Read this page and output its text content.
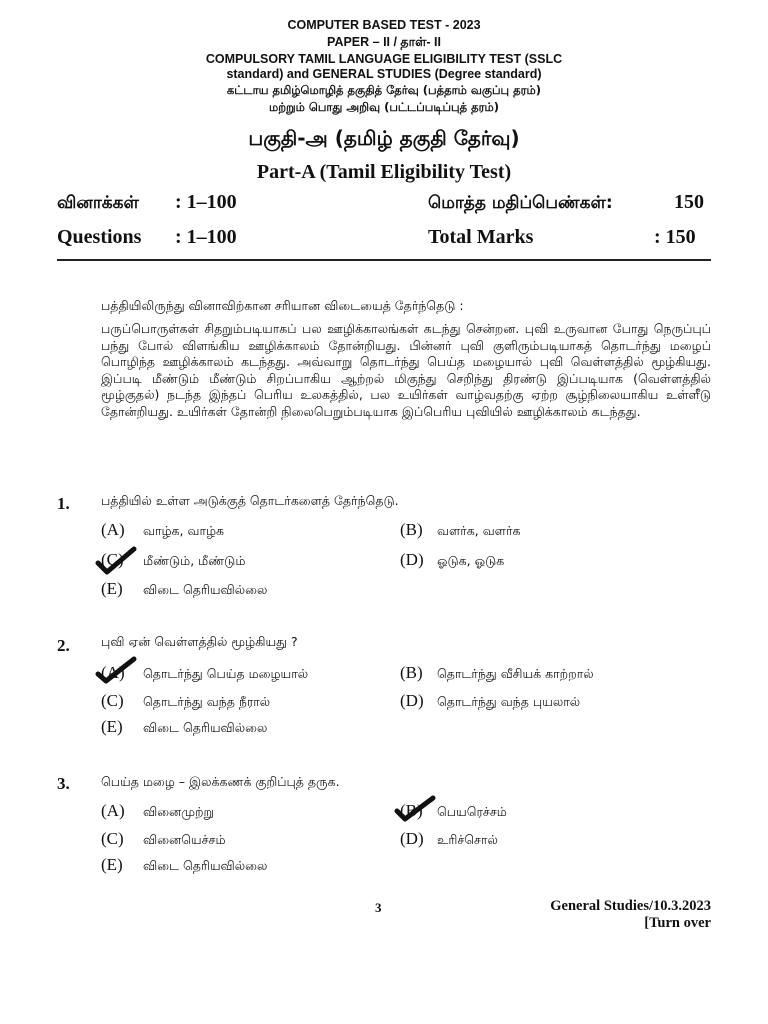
COMPUTER BASED TEST - 2023
PAPER – II / தாள்- II
COMPULSORY TAMIL LANGUAGE ELIGIBILITY TEST (SSLC
standard) and GENERAL STUDIES (Degree standard)
கட்டாய தமிழ்மொழித் தகுதித் தேர்வு (பத்தாம் வகுப்பு தரம்)
மற்றும் பொது அறிவு (பட்டப்படிப்புத் தரம்)
பகுதி-அ (தமிழ் தகுதி தேர்வு)
Part-A (Tamil Eligibility Test)
வினாக்கள் : 1–100	மொத்த மதிப்பெண்கள்:	150
Questions : 1–100	Total Marks	: 150
பத்தியிலிருந்து வினாவிற்கான சரியான விடையைத் தேர்ந்தெடு :
பருப்பொருள்கள் சிதறும்படியாகப் பல ஊழிக்காலங்கள் கடந்து சென்றன. புவி உருவான போது நெருப்புப் பந்து போல் விளங்கிய ஊழிக்காலம் தோன்றியது. பின்னர் புவி குளிரும்படியாகத் தொடர்ந்து மழைப் பொழிந்த ஊழிக்காலம் கடந்தது. அவ்வாறு தொடர்ந்து பெய்த மழையால் புவி வெள்ளத்தில் மூழ்கியது. இப்படி மீண்டும் மீண்டும் சிறப்பாகிய ஆற்றல் மிகுந்து செறிந்து திரண்டு இப்படியாக (வெள்ளத்தில் மூழ்குதல்) நடந்த இந்தப் பெரிய உலகத்தில், பல உயிர்கள் வாழ்வதற்கு ஏற்ற சூழ்நிலையாகிய உள்ளீடு தோன்றியது. உயிர்கள் தோன்றி நிலைபெறும்படியாக இப்பெரிய புவியில் ஊழிக்காலம் கடந்தது.
1.	பத்தியில் உள்ள அடுக்குத் தொடர்களைத் தேர்ந்தெடு.
(A) வாழ்க, வாழ்க	(B) வளர்க, வளர்க
(C) மீண்டும், மீண்டும்	(D) ஓடுக, ஓடுக
(E) விடை தெரியவில்லை
2.	புவி ஏன் வெள்ளத்தில் மூழ்கியது ?
(A) தொடர்ந்து பெய்த மழையால்	(B) தொடர்ந்து வீசியக் காற்றால்
(C) தொடர்ந்து வந்த நீரால்	(D) தொடர்ந்து வந்த புயலால்
(E) விடை தெரியவில்லை
3.	பெய்த மழை – இலக்கணக் குறிப்புத் தருக.
(A) வினைமுற்று	(B) பெயரெச்சம்
(C) வினையெச்சம்	(D) உரிச்சொல்
(E) விடை தெரியவில்லை
3	General Studies/10.3.2023
[Turn over
